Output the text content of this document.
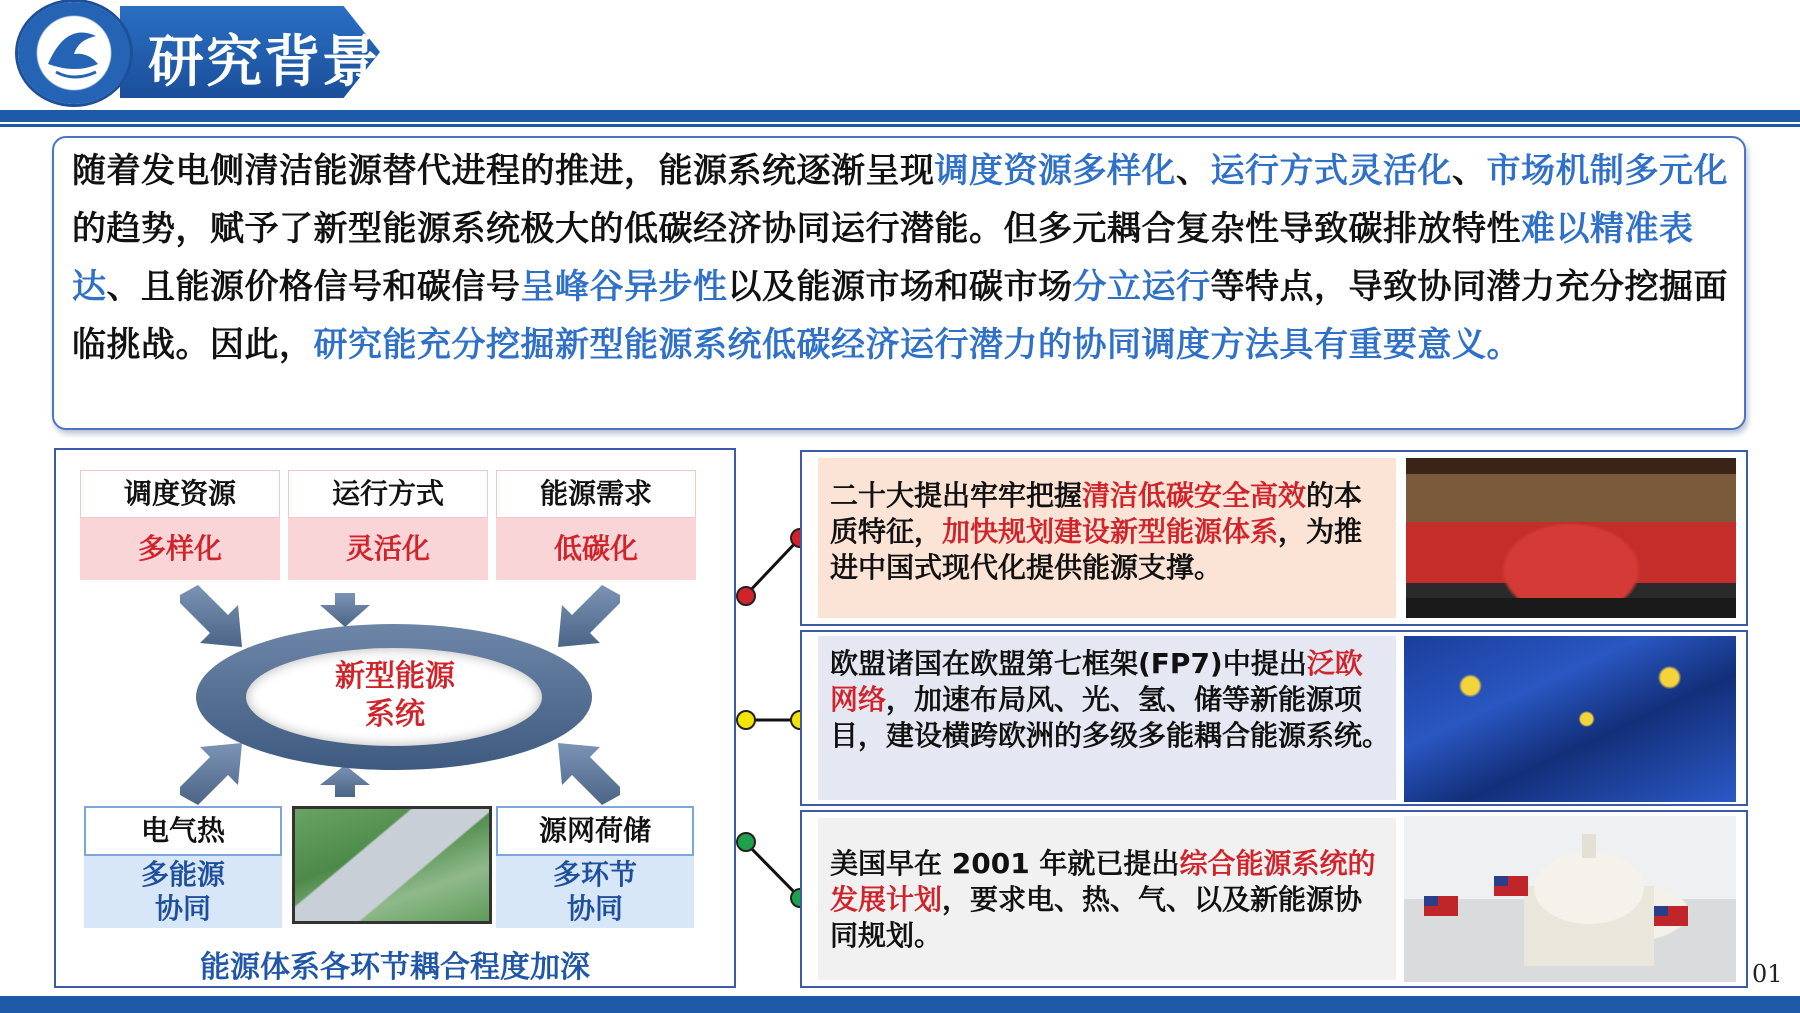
研究背景
随着发电侧清洁能源替代进程的推进，能源系统逐渐呈现调度资源多样化、运行方式灵活化、市场机制多元化的趋势，赋予了新型能源系统极大的低碳经济协同运行潜能。但多元耦合复杂性导致碳排放特性难以精准表达、且能源价格信号和碳信号呈峰谷异步性以及能源市场和碳市场分立运行等特点，导致协同潜力充分挖掘面临挑战。因此，研究能充分挖掘新型能源系统低碳经济运行潜力的协同调度方法具有重要意义。
调度资源
多样化
运行方式
灵活化
能源需求
低碳化
新型能源
系统
电气热
多能源
协同
源网荷储
多环节
协同
能源体系各环节耦合程度加深
二十大提出牢牢把握清洁低碳安全高效的本质特征，加快规划建设新型能源体系，为推进中国式现代化提供能源支撑。
欧盟诸国在欧盟第七框架(FP7)中提出泛欧网络，加速布局风、光、氢、储等新能源项目，建设横跨欧洲的多级多能耦合能源系统。
美国早在 2001 年就已提出综合能源系统的发展计划，要求电、热、气、以及新能源协同规划。
01
